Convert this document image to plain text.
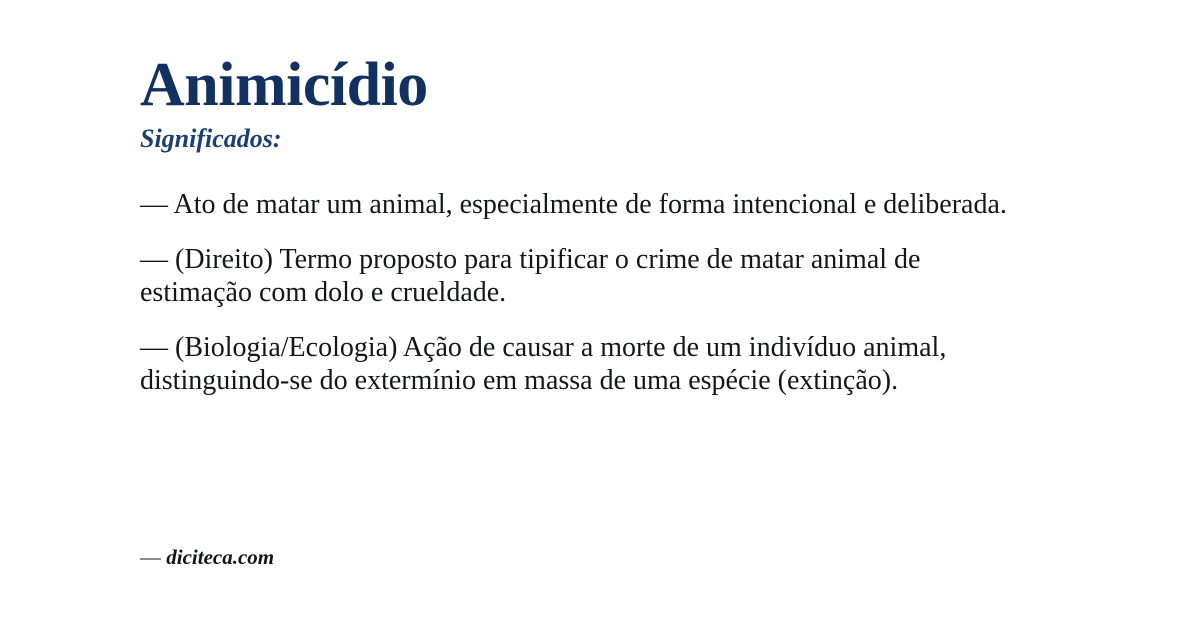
Animicídio
Significados:

— Ato de matar um animal, especialmente de forma intencional e deliberada.

— (Direito) Termo proposto para tipificar o crime de matar animal de estimação com dolo e crueldade.

— (Biologia/Ecologia) Ação de causar a morte de um indivíduo animal, distinguindo-se do extermínio em massa de uma espécie (extinção).

— diciteca.com
